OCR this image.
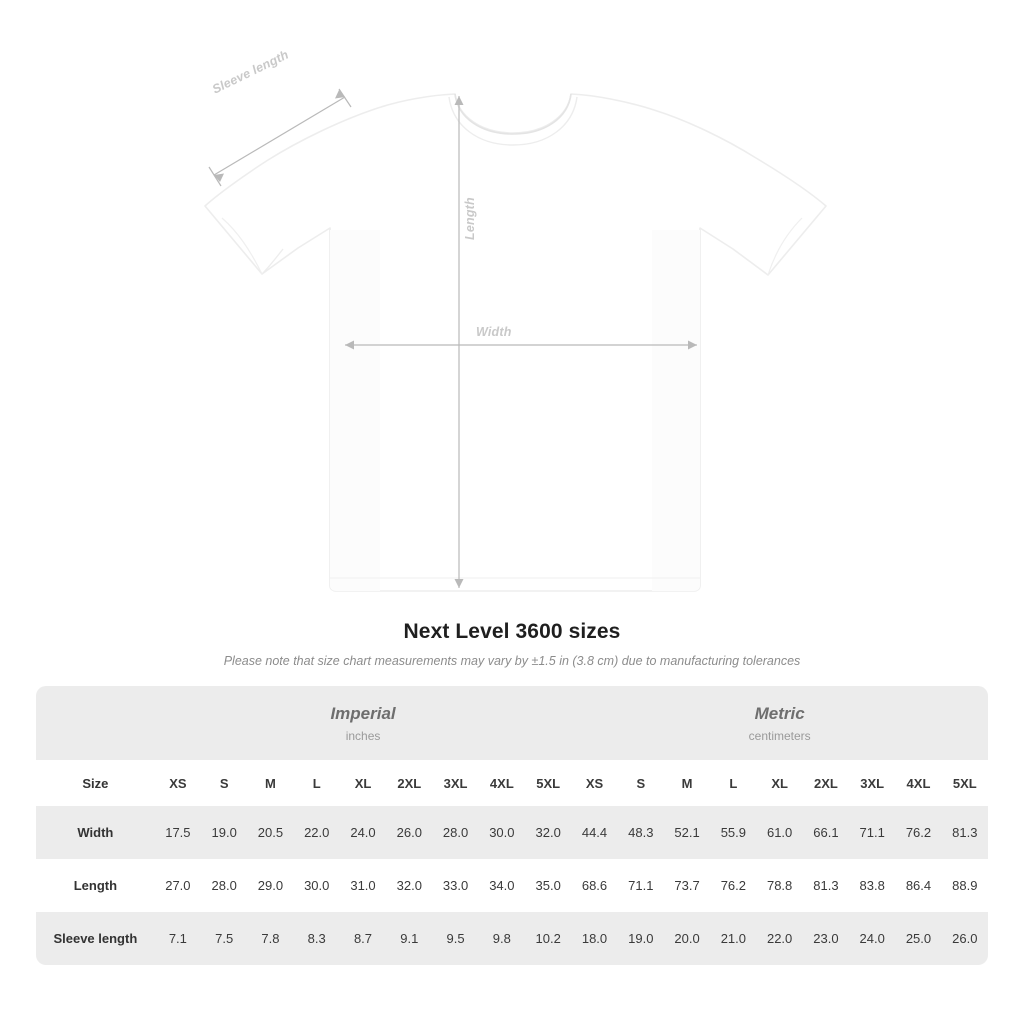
Sleeve length
Width
Length
Next Level 3600 sizes
Please note that size chart measurements may vary by ±1.5 in (3.8 cm) due to manufacturing tolerances

Imperial
inches

Metric
centimeters

Size	XS	S	M	L	XL	2XL	3XL	4XL	5XL	XS	S	M	L	XL	2XL	3XL	4XL	5XL
Width	17.5	19.0	20.5	22.0	24.0	26.0	28.0	30.0	32.0	44.4	48.3	52.1	55.9	61.0	66.1	71.1	76.2	81.3
Length	27.0	28.0	29.0	30.0	31.0	32.0	33.0	34.0	35.0	68.6	71.1	73.7	76.2	78.8	81.3	83.8	86.4	88.9
Sleeve length	7.1	7.5	7.8	8.3	8.7	9.1	9.5	9.8	10.2	18.0	19.0	20.0	21.0	22.0	23.0	24.0	25.0	26.0
